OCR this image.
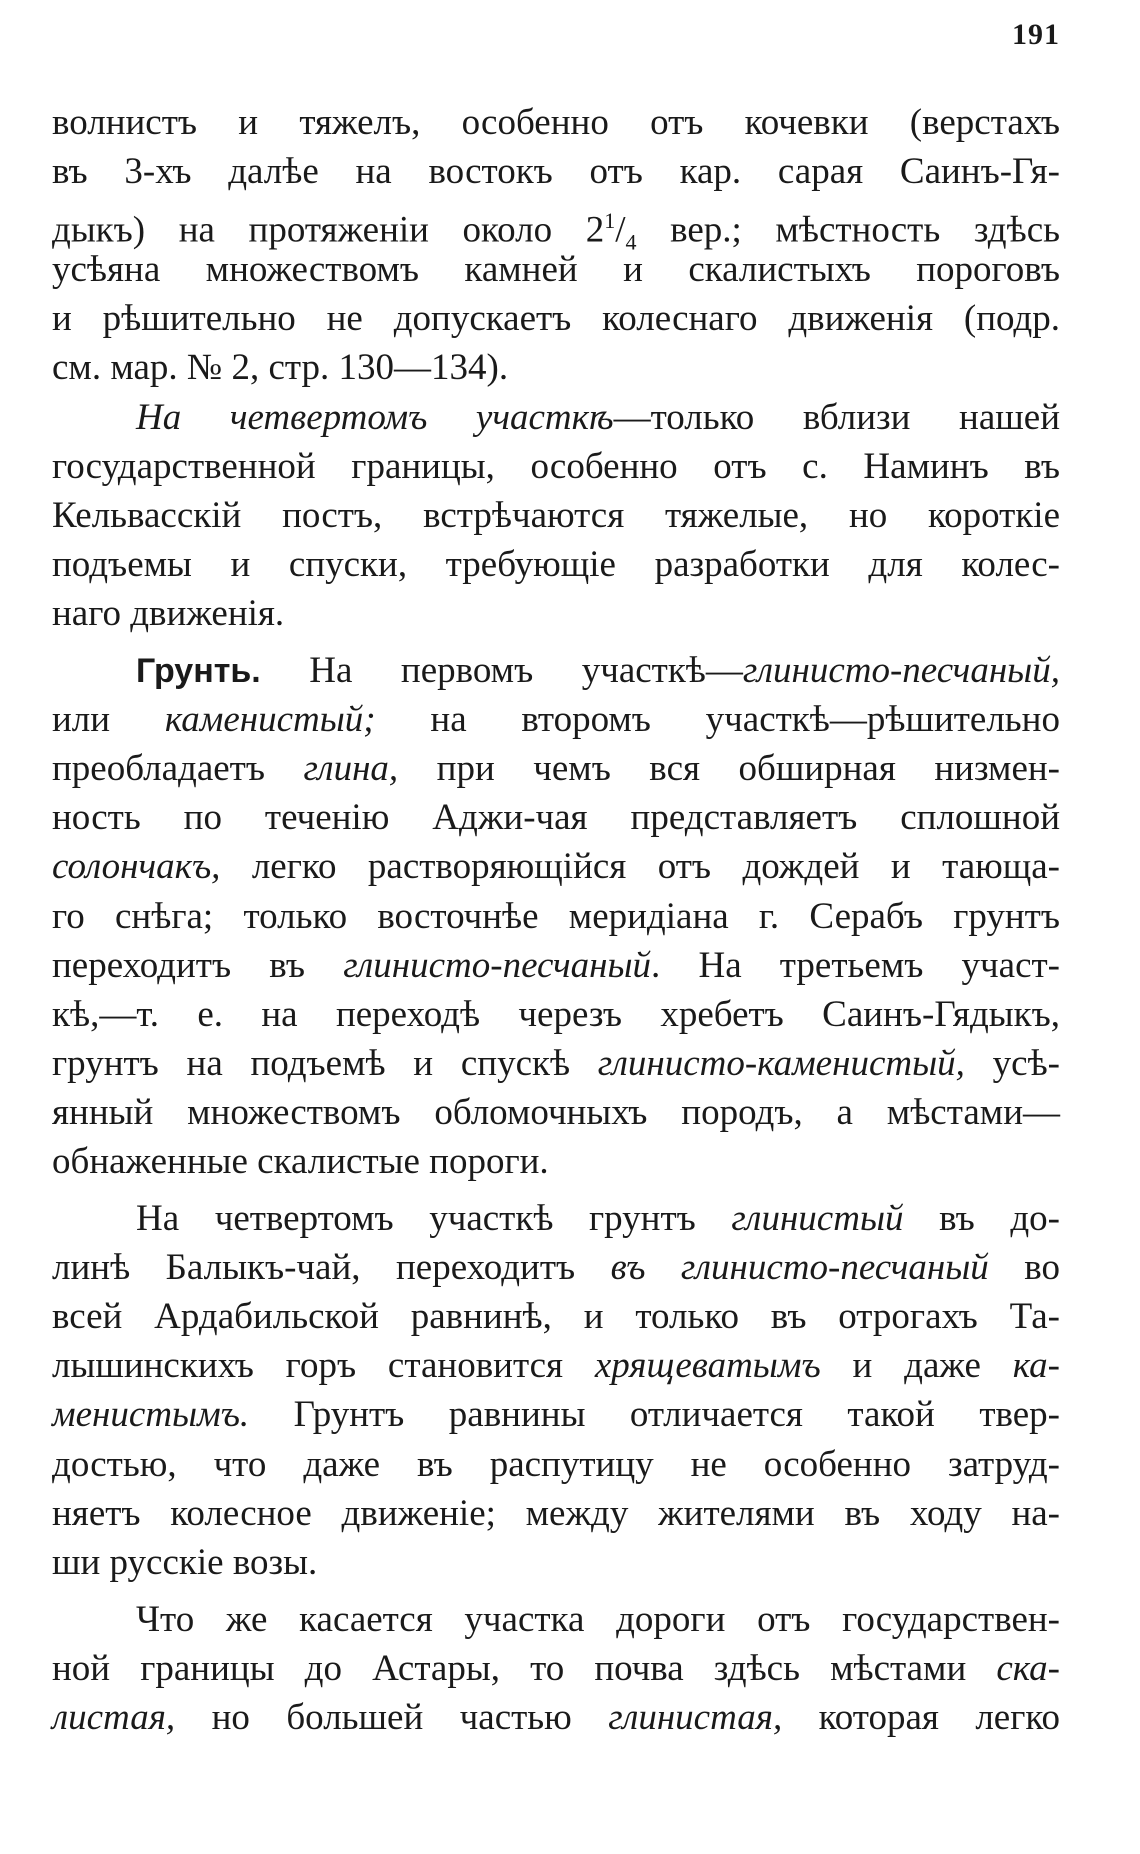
191
волнистъ и тяжелъ, особенно отъ кочевки (верстахъ
въ 3-хъ далѣе на востокъ отъ кар. сарая Саинъ-Гя-
дыкъ) на протяженіи около $2^1/_4$ вер.; мѣстность здѣсь
усѣяна множествомъ камней и скалистыхъ пороговъ
и рѣшительно не допускаетъ колеснаго движенія (подр.
см. мар. № 2, стр. 130—134).
На четвертомъ участкѣ—только вблизи нашей
государственной границы, особенно отъ с. Наминъ въ
Кельвасскій постъ, встрѣчаются тяжелые, но короткіе
подъемы и спуски, требующіе разработки для колес-
наго движенія.
Грунть. На первомъ участкѣ—глинисто-песчаный,
или каменистый; на второмъ участкѣ—рѣшительно
преобладаетъ глина, при чемъ вся обширная низмен-
ность по теченію Аджи-чая представляетъ сплошной
солончакъ, легко растворяющійся отъ дождей и тающа-
го снѣга; только восточнѣе меридіана г. Серабъ грунтъ
переходитъ въ глинисто-песчаный. На третьемъ участ-
кѣ,—т. е. на переходѣ черезъ хребетъ Саинъ-Гядыкъ,
грунтъ на подъемѣ и спускѣ глинисто-каменистый, усѣ-
янный множествомъ обломочныхъ породъ, а мѣстами—
обнаженные скалистые пороги.
На четвертомъ участкѣ грунтъ глинистый въ до-
линѣ Балыкъ-чай, переходитъ въ глинисто-песчаный во
всей Ардабильской равнинѣ, и только въ отрогахъ Та-
лышинскихъ горъ становится хрящеватымъ и даже ка-
менистымъ. Грунтъ равнины отличается такой твер-
достью, что даже въ распутицу не особенно затруд-
няетъ колесное движеніе; между жителями въ ходу на-
ши русскіе возы.
Что же касается участка дороги отъ государствен-
ной границы до Астары, то почва здѣсь мѣстами ска-
листая, но большей частью глинистая, которая легко
